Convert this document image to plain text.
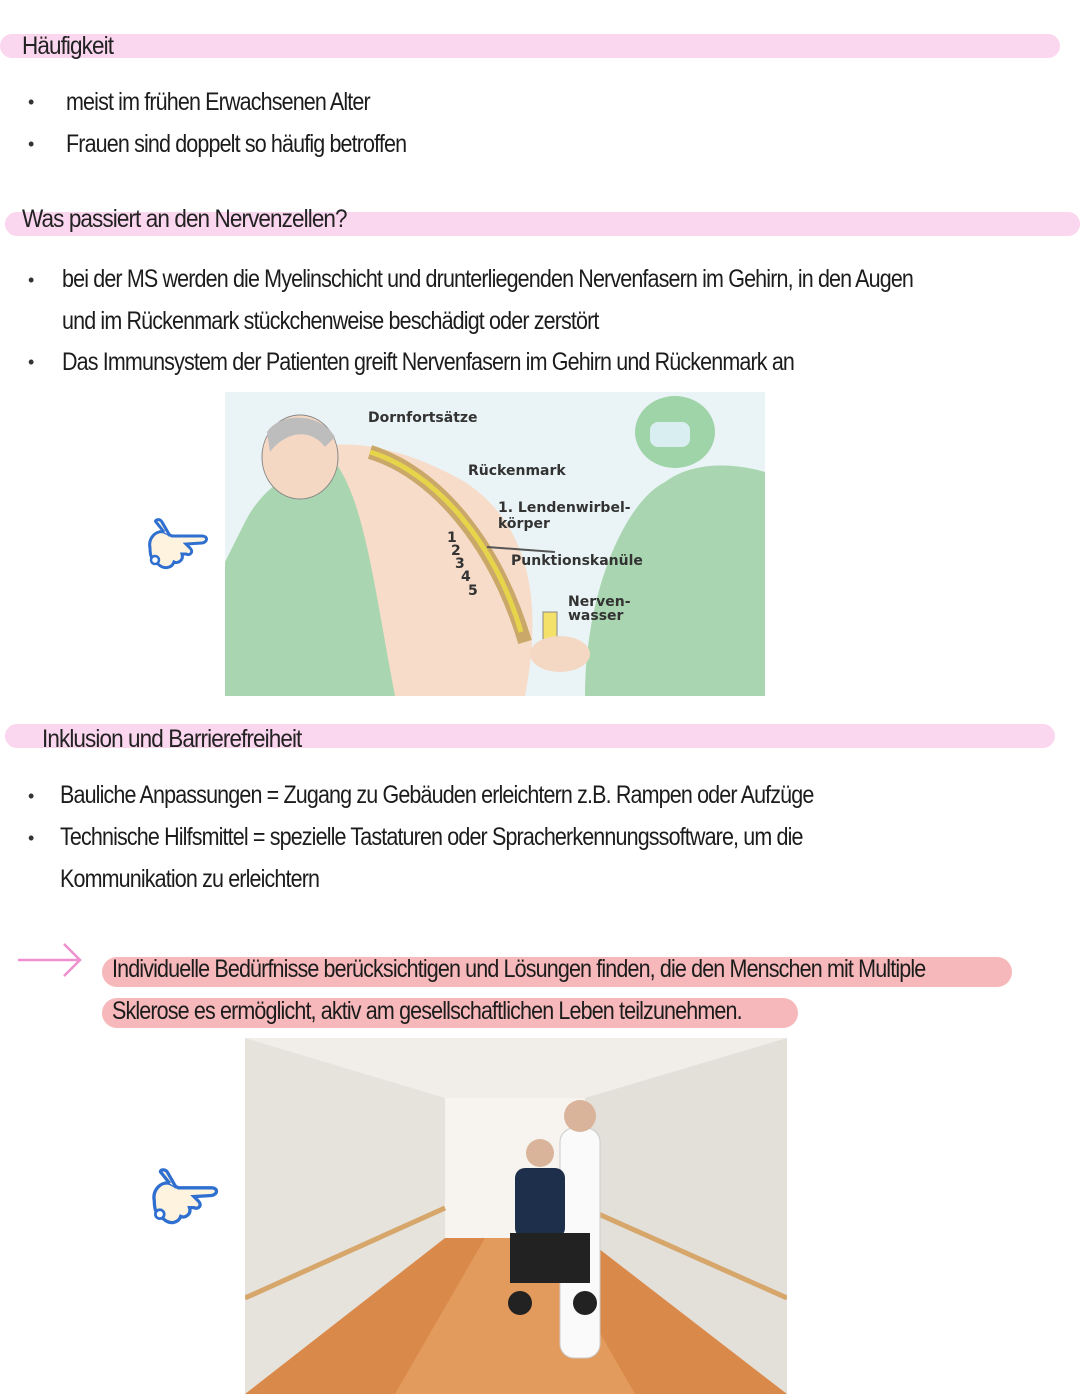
Häufigkeit
• meist im frühen Erwachsenen Alter
• Frauen sind doppelt so häufig betroffen
Was passiert an den Nervenzellen?
• bei der MS werden die Myelinschicht und drunterliegenden Nervenfasern im Gehirn, in den Augen
und im Rückenmark stückchenweise beschädigt oder zerstört
• Das Immunsystem der Patienten greift Nervenfasern im Gehirn und Rückenmark an
Dornfortsätze
Rückenmark
1. Lendenwirbel-
körper
Punktionskanüle
Nerven-
wasser
1
2
3
4
5
Inklusion und Barrierefreiheit
• Bauliche Anpassungen = Zugang zu Gebäuden erleichtern z.B. Rampen oder Aufzüge
• Technische Hilfsmittel = spezielle Tastaturen oder Spracherkennungssoftware, um die
Kommunikation zu erleichtern
Individuelle Bedürfnisse berücksichtigen und Lösungen finden, die den Menschen mit Multiple
Sklerose es ermöglicht, aktiv am gesellschaftlichen Leben teilzunehmen.
